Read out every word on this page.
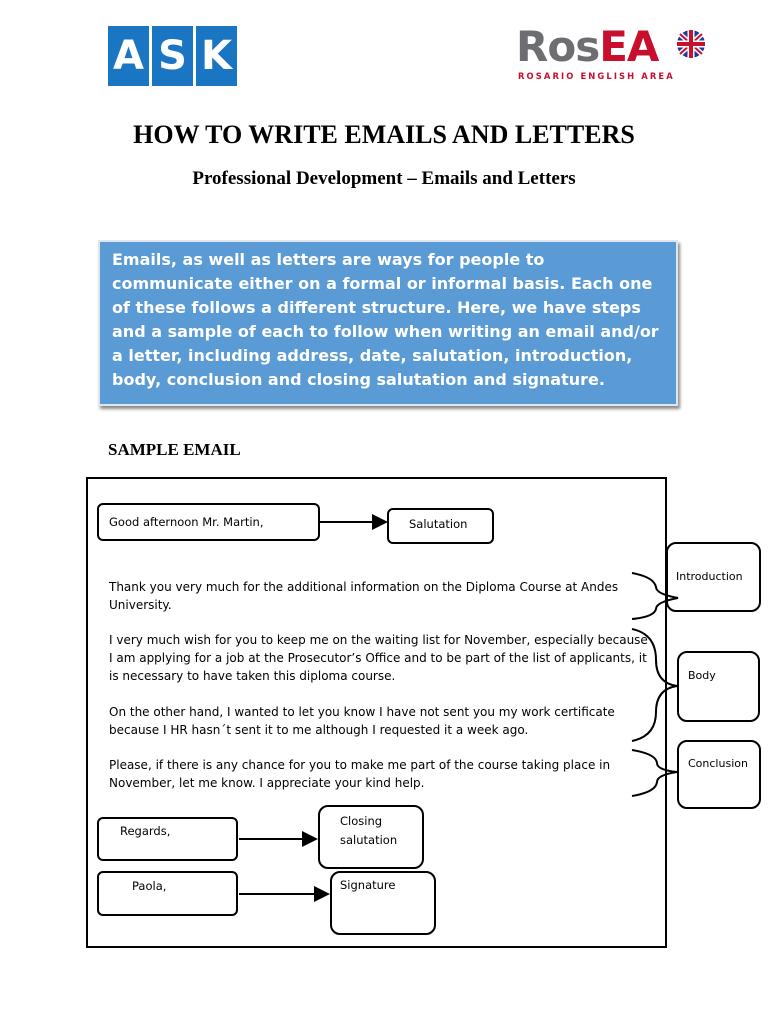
A S K	RosEA
ROSARIO ENGLISH AREA
HOW TO WRITE EMAILS AND LETTERS
Professional Development – Emails and Letters
Emails, as well as letters are ways for people to communicate either on a formal or informal basis. Each one of these follows a different structure. Here, we have steps and a sample of each to follow when writing an email and/or a letter, including address, date, salutation, introduction, body, conclusion and closing salutation and signature.
SAMPLE EMAIL
Good afternoon Mr. Martin,	Salutation
Thank you very much for the additional information on the Diploma Course at Andes University.
I very much wish for you to keep me on the waiting list for November, especially because I am applying for a job at the Prosecutor’s Office and to be part of the list of applicants, it is necessary to have taken this diploma course.
On the other hand, I wanted to let you know I have not sent you my work certificate because I HR hasn´t sent it to me although I requested it a week ago.
Please, if there is any chance for you to make me part of the course taking place in November, let me know. I appreciate your kind help.
Introduction
Body
Conclusion
Regards,
Closing
salutation
Paola,	Signature
